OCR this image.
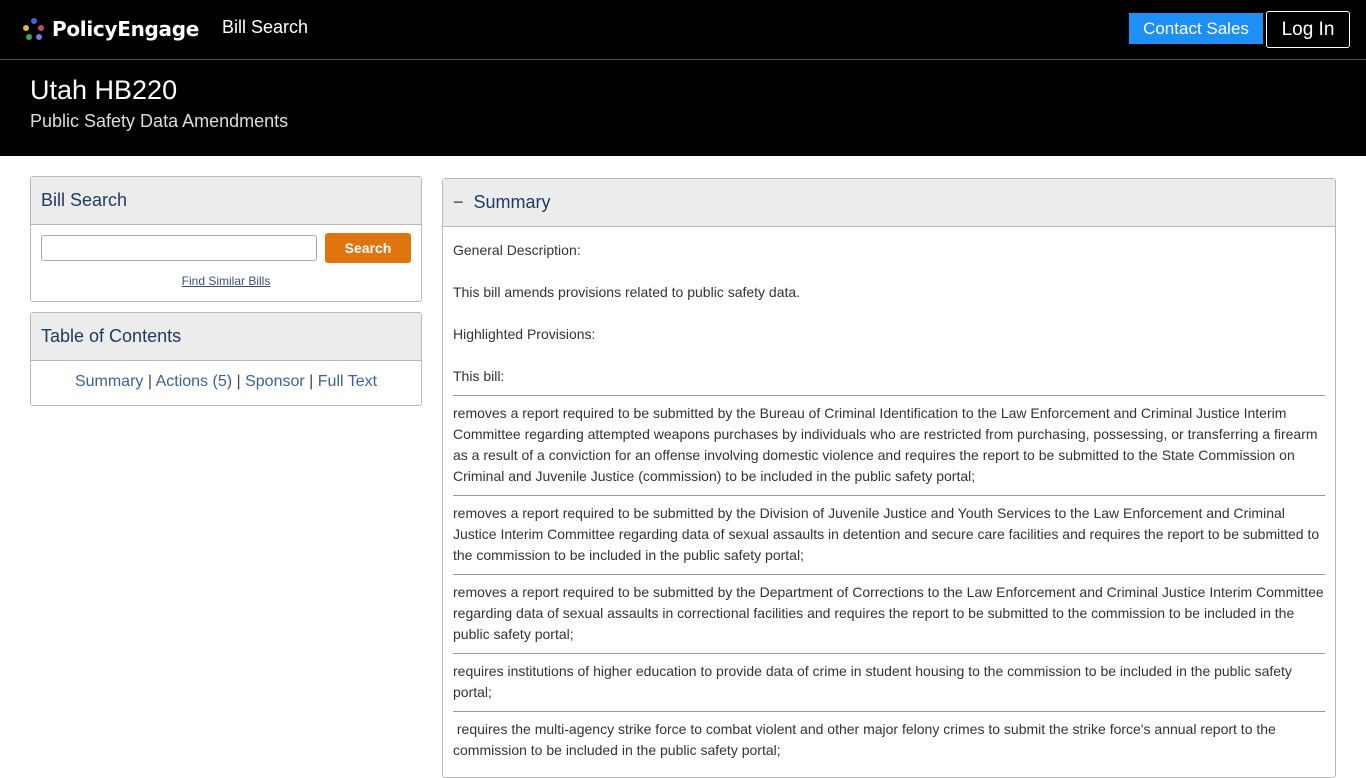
PolicyEngage Bill Search	Contact Sales	Log In
Utah HB220
Public Safety Data Amendments
Bill Search
Search
Find Similar Bills
Table of Contents
Summary | Actions (5) | Sponsor | Full Text
− Summary
General Description:
This bill amends provisions related to public safety data.
Highlighted Provisions:
This bill:
removes a report required to be submitted by the Bureau of Criminal Identification to the Law Enforcement and Criminal Justice Interim Committee regarding attempted weapons purchases by individuals who are restricted from purchasing, possessing, or transferring a firearm as a result of a conviction for an offense involving domestic violence and requires the report to be submitted to the State Commission on Criminal and Juvenile Justice (commission) to be included in the public safety portal;
removes a report required to be submitted by the Division of Juvenile Justice and Youth Services to the Law Enforcement and Criminal Justice Interim Committee regarding data of sexual assaults in detention and secure care facilities and requires the report to be submitted to the commission to be included in the public safety portal;
removes a report required to be submitted by the Department of Corrections to the Law Enforcement and Criminal Justice Interim Committee regarding data of sexual assaults in correctional facilities and requires the report to be submitted to the commission to be included in the public safety portal;
requires institutions of higher education to provide data of crime in student housing to the commission to be included in the public safety portal;
requires the multi-agency strike force to combat violent and other major felony crimes to submit the strike force's annual report to the commission to be included in the public safety portal;
